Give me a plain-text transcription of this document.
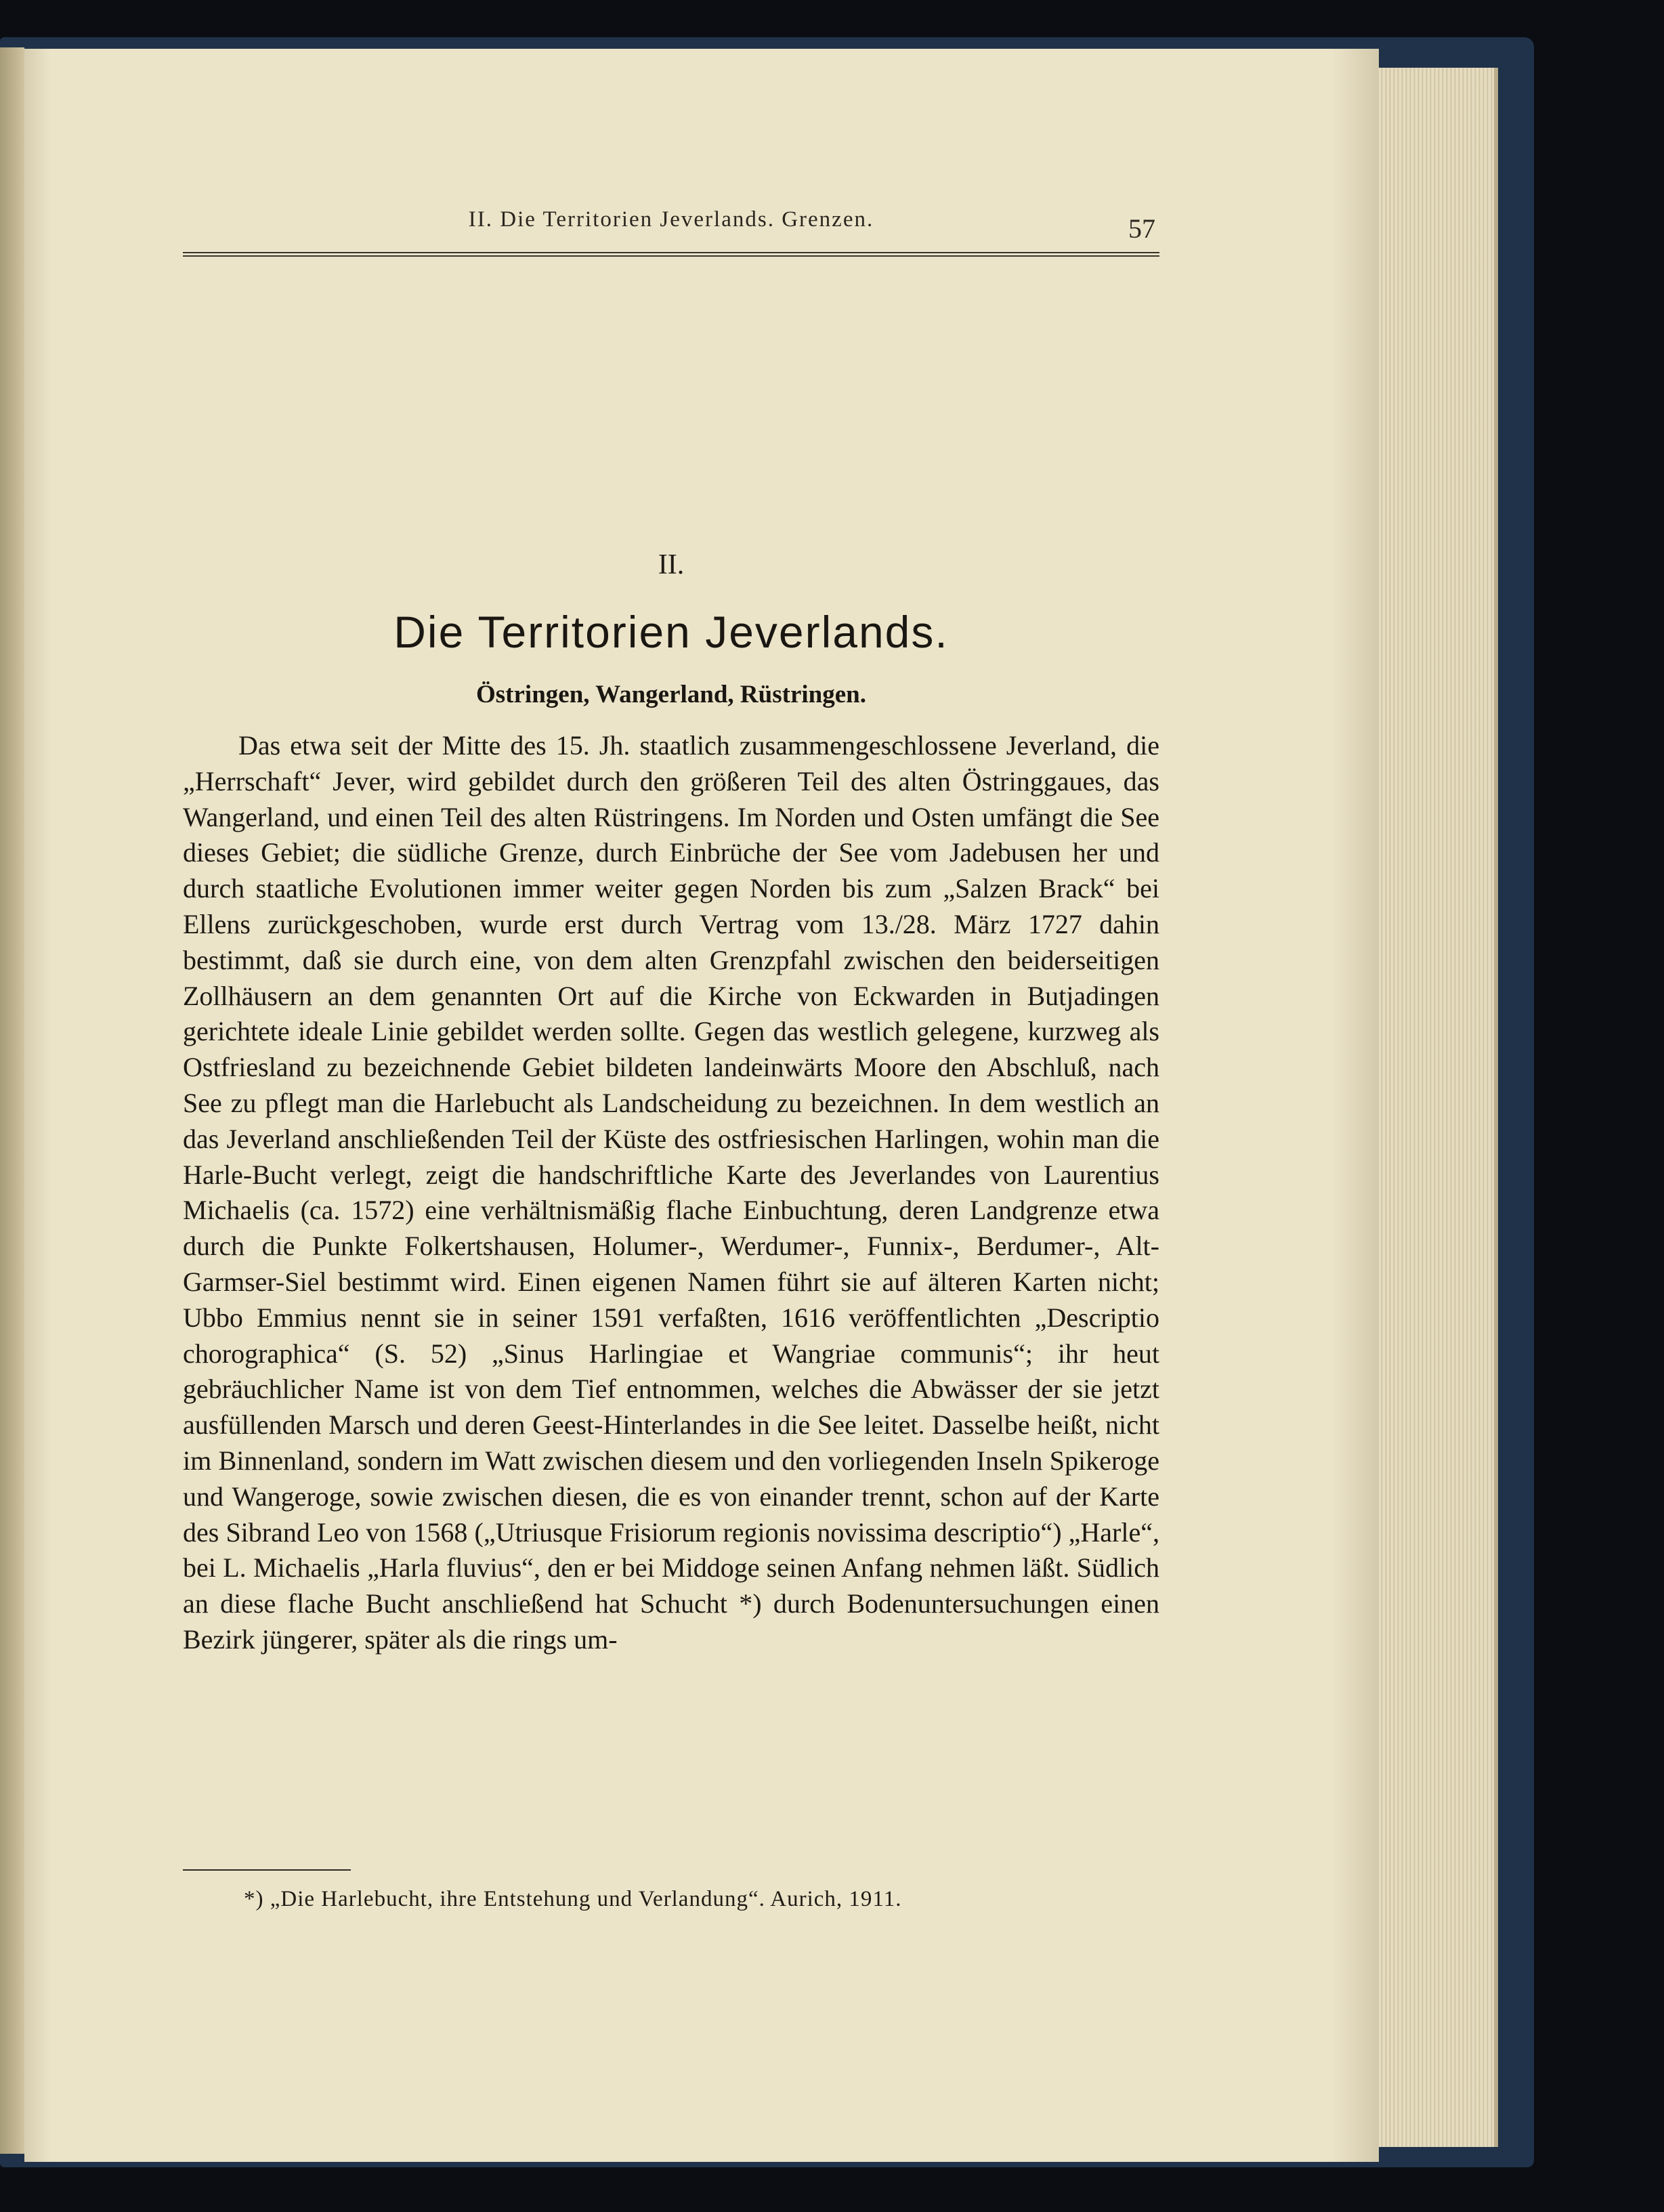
II. Die Territorien Jeverlands. Grenzen.	57
II.
Die Territorien Jeverlands.
Östringen, Wangerland, Rüstringen.

Das etwa seit der Mitte des 15. Jh. staatlich zusammengeschlossene Jeverland, die „Herrschaft“ Jever, wird gebildet durch den größeren Teil des alten Östringgaues, das Wangerland, und einen Teil des alten Rüstringens. Im Norden und Osten umfängt die See dieses Gebiet; die südliche Grenze, durch Einbrüche der See vom Jadebusen her und durch staatliche Evolutionen immer weiter gegen Norden bis zum „Salzen Brack“ bei Ellens zurückgeschoben, wurde erst durch Vertrag vom 13./28. März 1727 dahin bestimmt, daß sie durch eine, von dem alten Grenzpfahl zwischen den beiderseitigen Zollhäusern an dem genannten Ort auf die Kirche von Eckwarden in Butjadingen gerichtete ideale Linie gebildet werden sollte. Gegen das westlich gelegene, kurzweg als Ostfriesland zu bezeichnende Gebiet bildeten landeinwärts Moore den Abschluß, nach See zu pflegt man die Harlebucht als Landscheidung zu bezeichnen. In dem westlich an das Jeverland anschließenden Teil der Küste des ostfriesischen Harlingen, wohin man die Harle-Bucht verlegt, zeigt die handschriftliche Karte des Jeverlandes von Laurentius Michaelis (ca. 1572) eine verhältnismäßig flache Einbuchtung, deren Landgrenze etwa durch die Punkte Folkertshausen, Holumer-, Werdumer-, Funnix-, Berdumer-, Alt-Garmser-Siel bestimmt wird. Einen eigenen Namen führt sie auf älteren Karten nicht; Ubbo Emmius nennt sie in seiner 1591 verfaßten, 1616 veröffentlichten „Descriptio chorographica“ (S. 52) „Sinus Harlingiae et Wangriae communis“; ihr heut gebräuchlicher Name ist von dem Tief entnommen, welches die Abwässer der sie jetzt ausfüllenden Marsch und deren Geest-Hinterlandes in die See leitet. Dasselbe heißt, nicht im Binnenland, sondern im Watt zwischen diesem und den vorliegenden Inseln Spikeroge und Wangeroge, sowie zwischen diesen, die es von einander trennt, schon auf der Karte des Sibrand Leo von 1568 („Utriusque Frisiorum regionis novissima descriptio“) „Harle“, bei L. Michaelis „Harla fluvius“, den er bei Middoge seinen Anfang nehmen läßt. Südlich an diese flache Bucht anschließend hat Schucht *) durch Bodenuntersuchungen einen Bezirk jüngerer, später als die rings um-

*) „Die Harlebucht, ihre Entstehung und Verlandung“. Aurich, 1911.
